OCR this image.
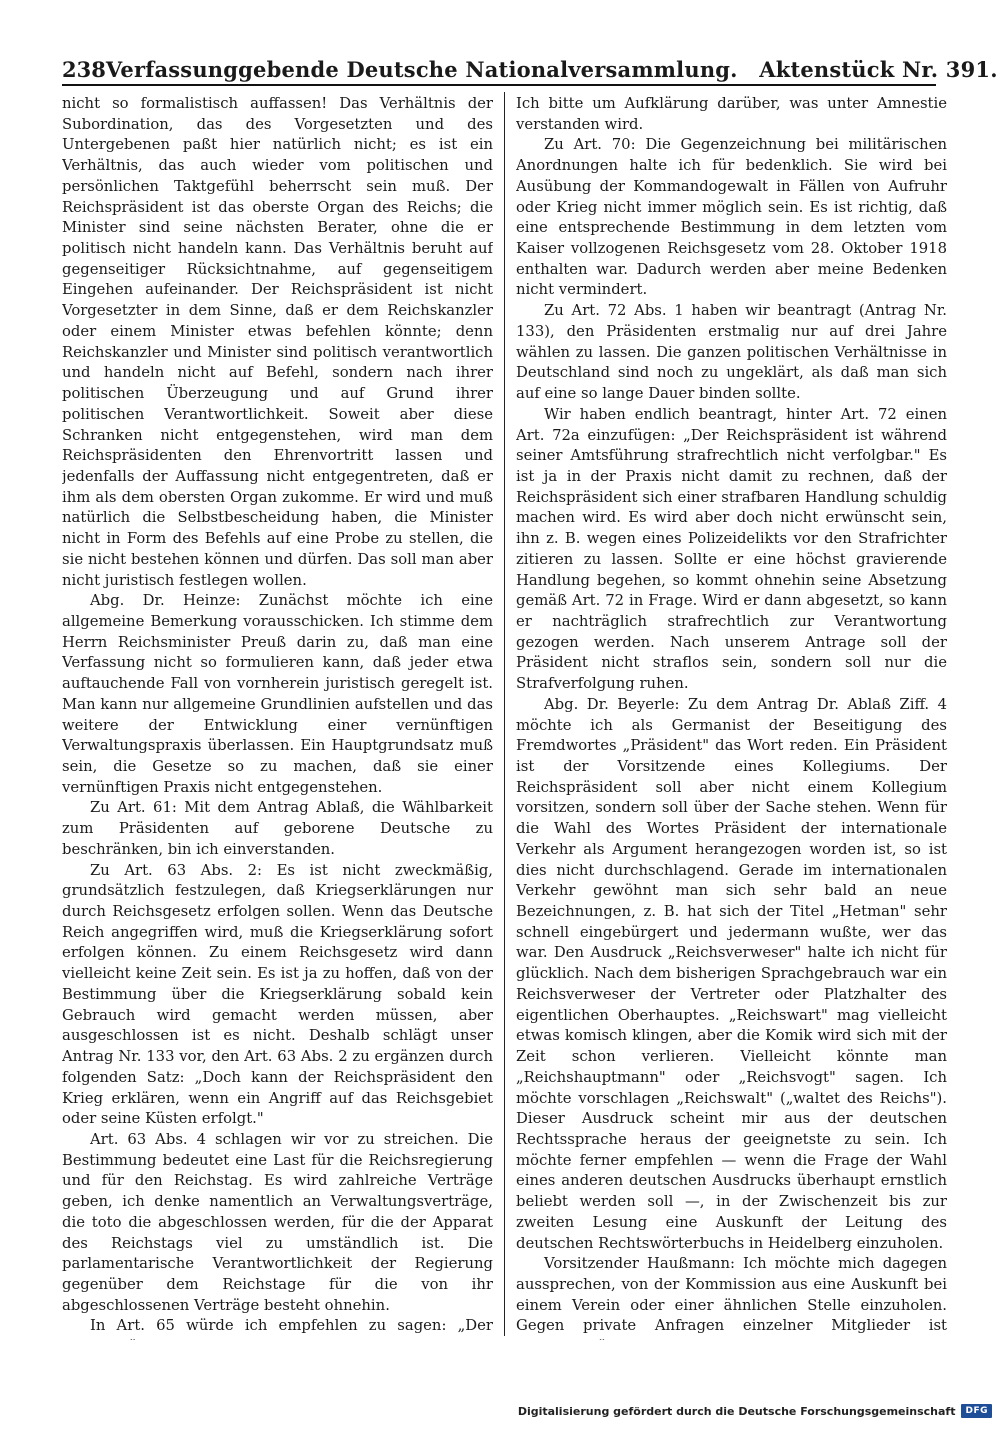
238 Verfassunggebende Deutsche Nationalversammlung. Aktenstück Nr. 391.

nicht so formalistisch auffassen! Das Verhältnis der Subordination, das des Vorgesetzten und des Untergebenen paßt hier natürlich nicht; es ist ein Verhältnis, das auch wieder vom politischen und persönlichen Taktgefühl beherrscht sein muß. Der Reichspräsident ist das oberste Organ des Reichs; die Minister sind seine nächsten Berater, ohne die er politisch nicht handeln kann. Das Verhältnis beruht auf gegenseitiger Rücksichtnahme, auf gegenseitigem Eingehen aufeinander. Der Reichspräsident ist nicht Vorgesetzter in dem Sinne, daß er dem Reichskanzler oder einem Minister etwas befehlen könnte; denn Reichskanzler und Minister sind politisch verantwortlich und handeln nicht auf Befehl, sondern nach ihrer politischen Überzeugung und auf Grund ihrer politischen Verantwortlichkeit. Soweit aber diese Schranken nicht entgegenstehen, wird man dem Reichspräsidenten den Ehrenvortritt lassen und jedenfalls der Auffassung nicht entgegentreten, daß er ihm als dem obersten Organ zukomme. Er wird und muß natürlich die Selbstbescheidung haben, die Minister nicht in Form des Befehls auf eine Probe zu stellen, die sie nicht bestehen können und dürfen. Das soll man aber nicht juristisch festlegen wollen.

Abg. Dr. Heinze: Zunächst möchte ich eine allgemeine Bemerkung vorausschicken. Ich stimme dem Herrn Reichsminister Preuß darin zu, daß man eine Verfassung nicht so formulieren kann, daß jeder etwa auftauchende Fall von vornherein juristisch geregelt ist. Man kann nur allgemeine Grundlinien aufstellen und das weitere der Entwicklung einer vernünftigen Verwaltungspraxis überlassen. Ein Hauptgrundsatz muß sein, die Gesetze so zu machen, daß sie einer vernünftigen Praxis nicht entgegenstehen.

Zu Art. 61: Mit dem Antrag Ablaß, die Wählbarkeit zum Präsidenten auf geborene Deutsche zu beschränken, bin ich einverstanden.

Zu Art. 63 Abs. 2: Es ist nicht zweckmäßig, grundsätzlich festzulegen, daß Kriegserklärungen nur durch Reichsgesetz erfolgen sollen. Wenn das Deutsche Reich angegriffen wird, muß die Kriegserklärung sofort erfolgen können. Zu einem Reichsgesetz wird dann vielleicht keine Zeit sein. Es ist ja zu hoffen, daß von der Bestimmung über die Kriegserklärung sobald kein Gebrauch wird gemacht werden müssen, aber ausgeschlossen ist es nicht. Deshalb schlägt unser Antrag Nr. 133 vor, den Art. 63 Abs. 2 zu ergänzen durch folgenden Satz: „Doch kann der Reichspräsident den Krieg erklären, wenn ein Angriff auf das Reichsgebiet oder seine Küsten erfolgt."

Art. 63 Abs. 4 schlagen wir vor zu streichen. Die Bestimmung bedeutet eine Last für die Reichsregierung und für den Reichstag. Es wird zahlreiche Verträge geben, ich denke namentlich an Verwaltungsverträge, die toto die abgeschlossen werden, für die der Apparat des Reichstags viel zu umständlich ist. Die parlamentarische Verantwortlichkeit der Regierung gegenüber dem Reichstage für die von ihr abgeschlossenen Verträge besteht ohnehin.

In Art. 65 würde ich empfehlen zu sagen: „Der

Ich bitte um Aufklärung darüber, was unter Amnestie verstanden wird.

Zu Art. 70: Die Gegenzeichnung bei militärischen Anordnungen halte ich für bedenklich. Sie wird bei Ausübung der Kommandogewalt in Fällen von Aufruhr oder Krieg nicht immer möglich sein. Es ist richtig, daß eine entsprechende Bestimmung in dem letzten vom Kaiser vollzogenen Reichsgesetz vom 28. Oktober 1918 enthalten war. Dadurch werden aber meine Bedenken nicht vermindert.

Zu Art. 72 Abs. 1 haben wir beantragt (Antrag Nr. 133), den Präsidenten erstmalig nur auf drei Jahre wählen zu lassen. Die ganzen politischen Verhältnisse in Deutschland sind noch zu ungeklärt, als daß man sich auf eine so lange Dauer binden sollte.

Wir haben endlich beantragt, hinter Art. 72 einen Art. 72a einzufügen: „Der Reichspräsident ist während seiner Amtsführung strafrechtlich nicht verfolgbar." Es ist ja in der Praxis nicht damit zu rechnen, daß der Reichspräsident sich einer strafbaren Handlung schuldig machen wird. Es wird aber doch nicht erwünscht sein, ihn z. B. wegen eines Polizeidelikts vor den Strafrichter zitieren zu lassen. Sollte er eine höchst gravierende Handlung begehen, so kommt ohnehin seine Absetzung gemäß Art. 72 in Frage. Wird er dann abgesetzt, so kann er nachträglich strafrechtlich zur Verantwortung gezogen werden. Nach unserem Antrage soll der Präsident nicht straflos sein, sondern soll nur die Strafverfolgung ruhen.

Abg. Dr. Beyerle: Zu dem Antrag Dr. Ablaß Ziff. 4 möchte ich als Germanist der Beseitigung des Fremdwortes „Präsident" das Wort reden. Ein Präsident ist der Vorsitzende eines Kollegiums. Der Reichspräsident soll aber nicht einem Kollegium vorsitzen, sondern soll über der Sache stehen. Wenn für die Wahl des Wortes Präsident der internationale Verkehr als Argument herangezogen worden ist, so ist dies nicht durchschlagend. Gerade im internationalen Verkehr gewöhnt man sich sehr bald an neue Bezeichnungen, z. B. hat sich der Titel „Hetman" sehr schnell eingebürgert und jedermann wußte, wer das war. Den Ausdruck „Reichsverweser" halte ich nicht für glücklich. Nach dem bisherigen Sprachgebrauch war ein Reichsverweser der Vertreter oder Platzhalter des eigentlichen Oberhauptes. „Reichswart" mag vielleicht etwas komisch klingen, aber die Komik wird sich mit der Zeit schon verlieren. Vielleicht könnte man „Reichshauptmann" oder „Reichsvogt" sagen. Ich möchte vorschlagen „Reichswalt" („waltet des Reichs"). Dieser Ausdruck scheint mir aus der deutschen Rechtssprache heraus der geeignetste zu sein. Ich möchte ferner empfehlen — wenn die Frage der Wahl eines anderen deutschen Ausdrucks überhaupt ernstlich beliebt werden soll —, in der Zwischenzeit bis zur zweiten Lesung eine Auskunft der Leitung des deutschen Rechtswörterbuchs in Heidelberg einzuholen.

Vorsitzender Haußmann: Ich möchte mich dagegen aussprechen, von der Kommission aus eine Auskunft bei einem Verein oder einer ähnlichen Stelle einzuholen. Gegen private Anfragen einzelner Mitglieder ist

Digitalisierung gefördert durch die Deutsche Forschungsgemeinschaft	DFG
